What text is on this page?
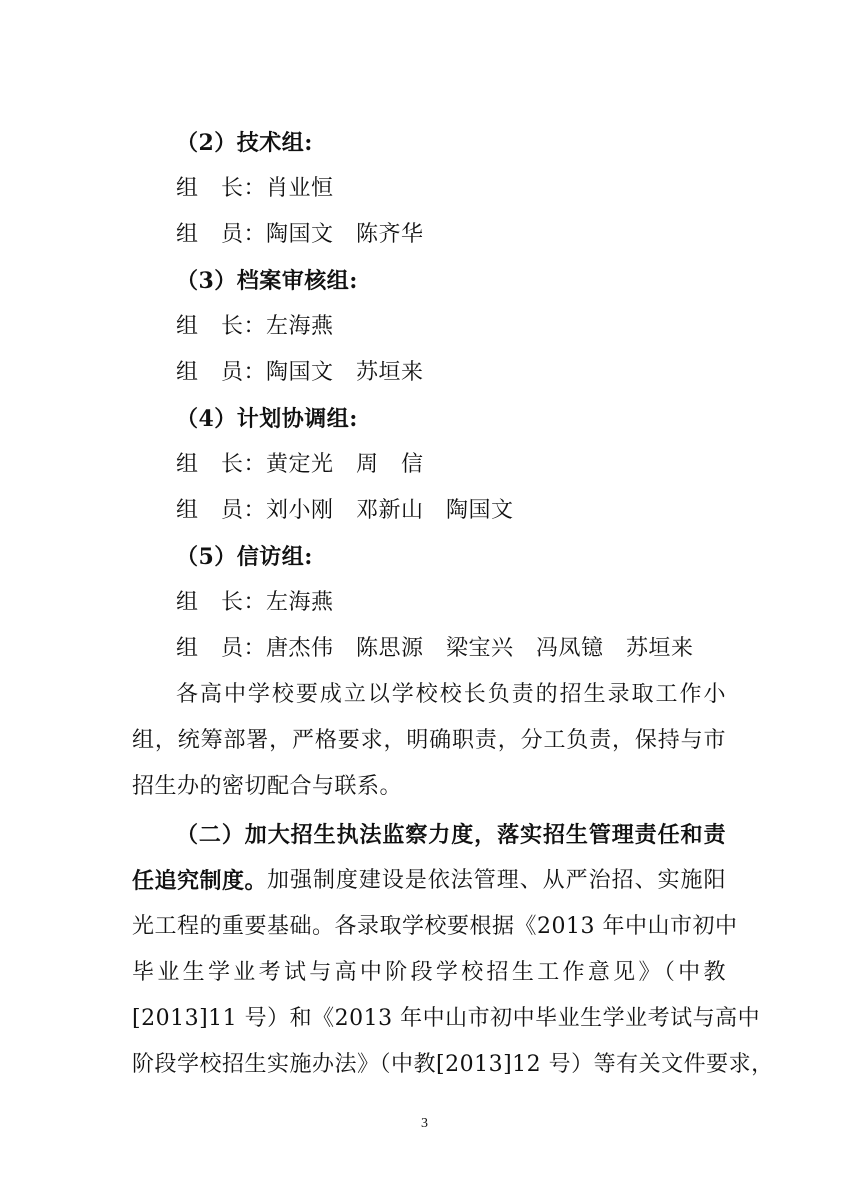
（2）技术组:
组　长：肖业恒
组　员：陶国文　陈齐华
（3）档案审核组:
组　长：左海燕
组　员：陶国文　苏垣来
（4）计划协调组:
组　长：黄定光　周　信
组　员：刘小刚　邓新山　陶国文
（5）信访组:
组　长：左海燕
组　员：唐杰伟　陈思源　梁宝兴　冯凤镱　苏垣来
各高中学校要成立以学校校长负责的招生录取工作小
组，统筹部署，严格要求，明确职责，分工负责，保持与市
招生办的密切配合与联系。
（二）加大招生执法监察力度，落实招生管理责任和责
任追究制度。 加强制度建设是依法管理、从严治招、实施阳
光工程的重要基础。各录取学校要根据《2013 年中山市初中
毕业生学业考试与高中阶段学校招生工作意见》（中教
[2013]11 号）和《2013 年中山市初中毕业生学业考试与高中
阶段学校招生实施办法》（中教[2013]12 号）等有关文件要求，
3
